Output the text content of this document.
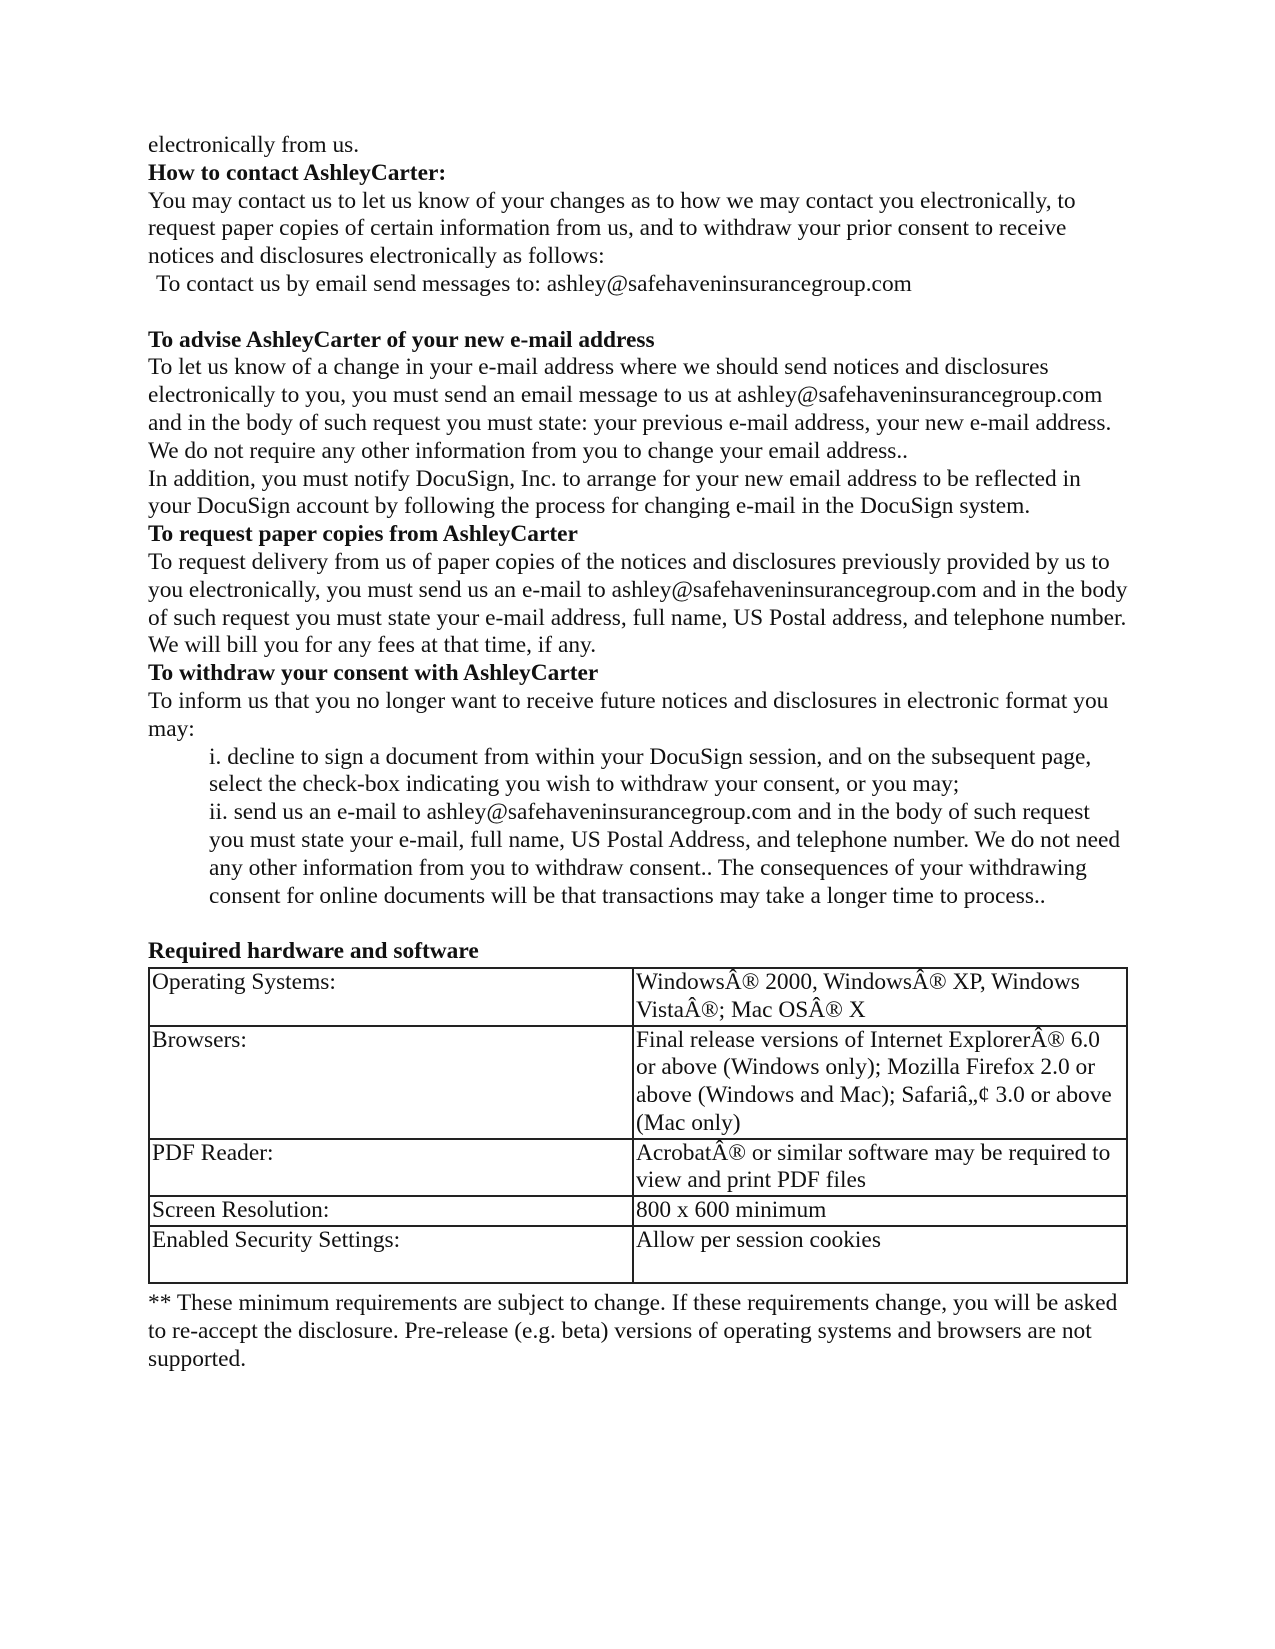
electronically from us.

How to contact AshleyCarter:

You may contact us to let us know of your changes as to how we may contact you electronically, to request paper copies of certain information from us, and to withdraw your prior consent to receive notices and disclosures electronically as follows:

To contact us by email send messages to: ashley@safehaveninsurancegroup.com

To advise AshleyCarter of your new e-mail address

To let us know of a change in your e-mail address where we should send notices and disclosures electronically to you, you must send an email message to us at ashley@safehaveninsurancegroup.com and in the body of such request you must state: your previous e-mail address, your new e-mail address. We do not require any other information from you to change your email address..

In addition, you must notify DocuSign, Inc. to arrange for your new email address to be reflected in your DocuSign account by following the process for changing e-mail in the DocuSign system.

To request paper copies from AshleyCarter

To request delivery from us of paper copies of the notices and disclosures previously provided by us to you electronically, you must send us an e-mail to ashley@safehaveninsurancegroup.com and in the body of such request you must state your e-mail address, full name, US Postal address, and telephone number. We will bill you for any fees at that time, if any.

To withdraw your consent with AshleyCarter

To inform us that you no longer want to receive future notices and disclosures in electronic format you may:

i. decline to sign a document from within your DocuSign session, and on the subsequent page, select the check-box indicating you wish to withdraw your consent, or you may;

ii. send us an e-mail to ashley@safehaveninsurancegroup.com and in the body of such request you must state your e-mail, full name, US Postal Address, and telephone number. We do not need any other information from you to withdraw consent.. The consequences of your withdrawing consent for online documents will be that transactions may take a longer time to process..

Required hardware and software

Operating Systems:	WindowsÂ® 2000, WindowsÂ® XP, Windows VistaÂ®; Mac OSÂ® X
Browsers:	Final release versions of Internet ExplorerÂ® 6.0 or above (Windows only); Mozilla Firefox 2.0 or above (Windows and Mac); Safariâ„¢ 3.0 or above (Mac only)
PDF Reader:	AcrobatÂ® or similar software may be required to view and print PDF files
Screen Resolution:	800 x 600 minimum
Enabled Security Settings:	Allow per session cookies

** These minimum requirements are subject to change. If these requirements change, you will be asked to re-accept the disclosure. Pre-release (e.g. beta) versions of operating systems and browsers are not supported.
